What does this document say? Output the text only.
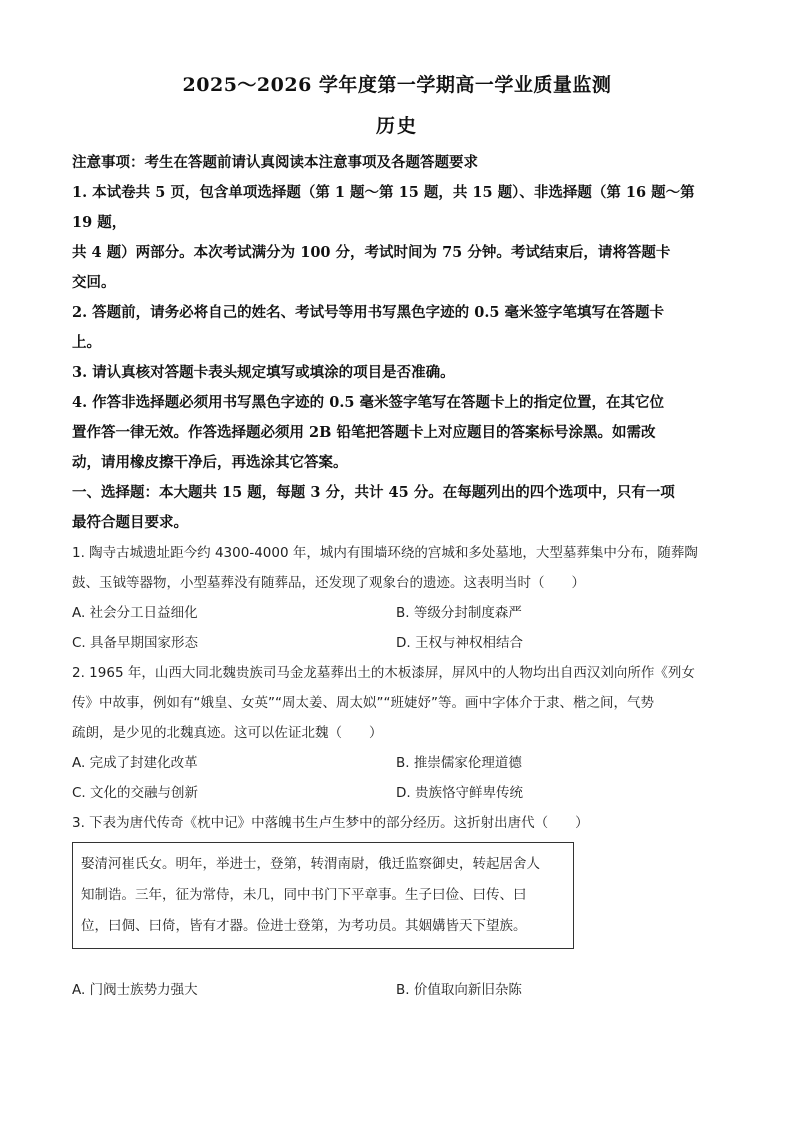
2025～2026 学年度第一学期高一学业质量监测
历史

注意事项：考生在答题前请认真阅读本注意事项及各题答题要求

1. 本试卷共 5 页，包含单项选择题（第 1 题～第 15 题，共 15 题）、非选择题（第 16 题～第

19 题，

共 4 题）两部分。本次考试满分为 100 分，考试时间为 75 分钟。考试结束后，请将答题卡

交回。

2. 答题前，请务必将自己的姓名、考试号等用书写黑色字迹的 0.5 毫米签字笔填写在答题卡

上。

3. 请认真核对答题卡表头规定填写或填涂的项目是否准确。

4. 作答非选择题必须用书写黑色字迹的 0.5 毫米签字笔写在答题卡上的指定位置，在其它位

置作答一律无效。作答选择题必须用 2B 铅笔把答题卡上对应题目的答案标号涂黑。如需改

动，请用橡皮擦干净后，再选涂其它答案。

一、选择题：本大题共 15 题，每题 3 分，共计 45 分。在每题列出的四个选项中，只有一项

最符合题目要求。

1. 陶寺古城遗址距今约 4300-4000 年，城内有围墙环绕的宫城和多处墓地，大型墓葬集中分布，随葬陶

鼓、玉钺等器物，小型墓葬没有随葬品，还发现了观象台的遗迹。这表明当时（　　）

A. 社会分工日益细化	B. 等级分封制度森严
C. 具备早期国家形态	D. 王权与神权相结合

2. 1965 年，山西大同北魏贵族司马金龙墓葬出土的木板漆屏，屏风中的人物均出自西汉刘向所作《列女

传》中故事，例如有“娥皇、女英”“周太姜、周太姒”“班婕妤”等。画中字体介于隶、楷之间，气势

疏朗，是少见的北魏真迹。这可以佐证北魏（　　）

A. 完成了封建化改革	B. 推崇儒家伦理道德
C. 文化的交融与创新	D. 贵族恪守鲜卑传统

3. 下表为唐代传奇《枕中记》中落魄书生卢生梦中的部分经历。这折射出唐代（　　）

娶清河崔氏女。明年，举进士，登第，转渭南尉，俄迁监察御史，转起居舍人
知制诰。三年，征为常侍，未几，同中书门下平章事。生子曰俭、曰传、曰
位，曰倜、曰倚，皆有才器。俭进士登第，为考功员。其姻媾皆天下望族。
A. 门阀士族势力强大	B. 价值取向新旧杂陈
